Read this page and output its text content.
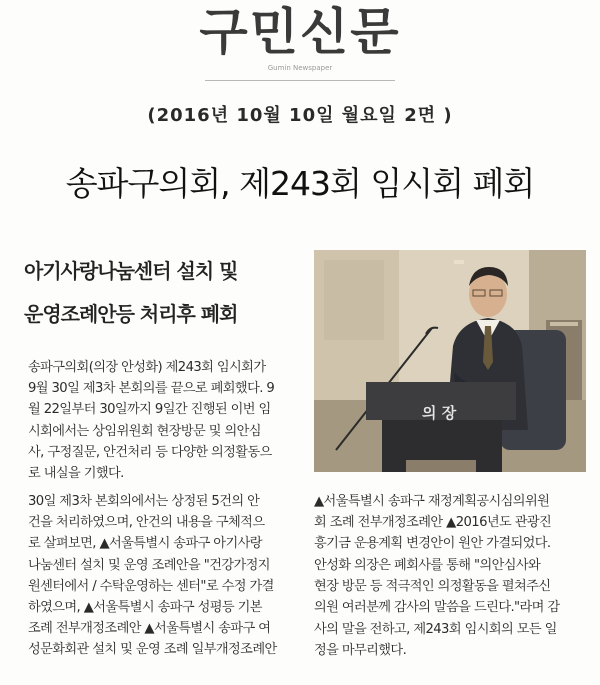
구민신문
Gumin Newspaper
(2016년 10월 10일 월요일 2면 )
송파구의회, 제243회 임시회 폐회
아기사랑나눔센터 설치 및
운영조례안등 처리후 폐회
송파구의회(의장 안성화) 제243회 임시회가
9월 30일 제3차 본회의를 끝으로 폐회했다. 9
월 22일부터 30일까지 9일간 진행된 이번 임
시회에서는 상임위원회 현장방문 및 의안심
사, 구정질문, 안건처리 등 다양한 의정활동으
로 내실을 기했다.
30일 제3차 본회의에서는 상정된 5건의 안
건을 처리하였으며, 안건의 내용을 구체적으
로 살펴보면, ▲서울특별시 송파구 아기사랑
나눔센터 설치 및 운영 조례안을 "건강가정지
원센터에서 / 수탁운영하는 센터"로 수정 가결
하였으며, ▲서울특별시 송파구 성평등 기본
조례 전부개정조례안 ▲서울특별시 송파구 여
성문화회관 설치 및 운영 조례 일부개정조례안
의 장
▲서울특별시 송파구 재정계획공시심의위원
회 조례 전부개정조례안 ▲2016년도 관광진
흥기금 운용계획 변경안이 원안 가결되었다.
안성화 의장은 폐회사를 통해 "의안심사와
현장 방문 등 적극적인 의정활동을 펼쳐주신
의원 여러분께 감사의 말씀을 드린다."라며 감
사의 말을 전하고, 제243회 임시회의 모든 일
정을 마무리했다.
